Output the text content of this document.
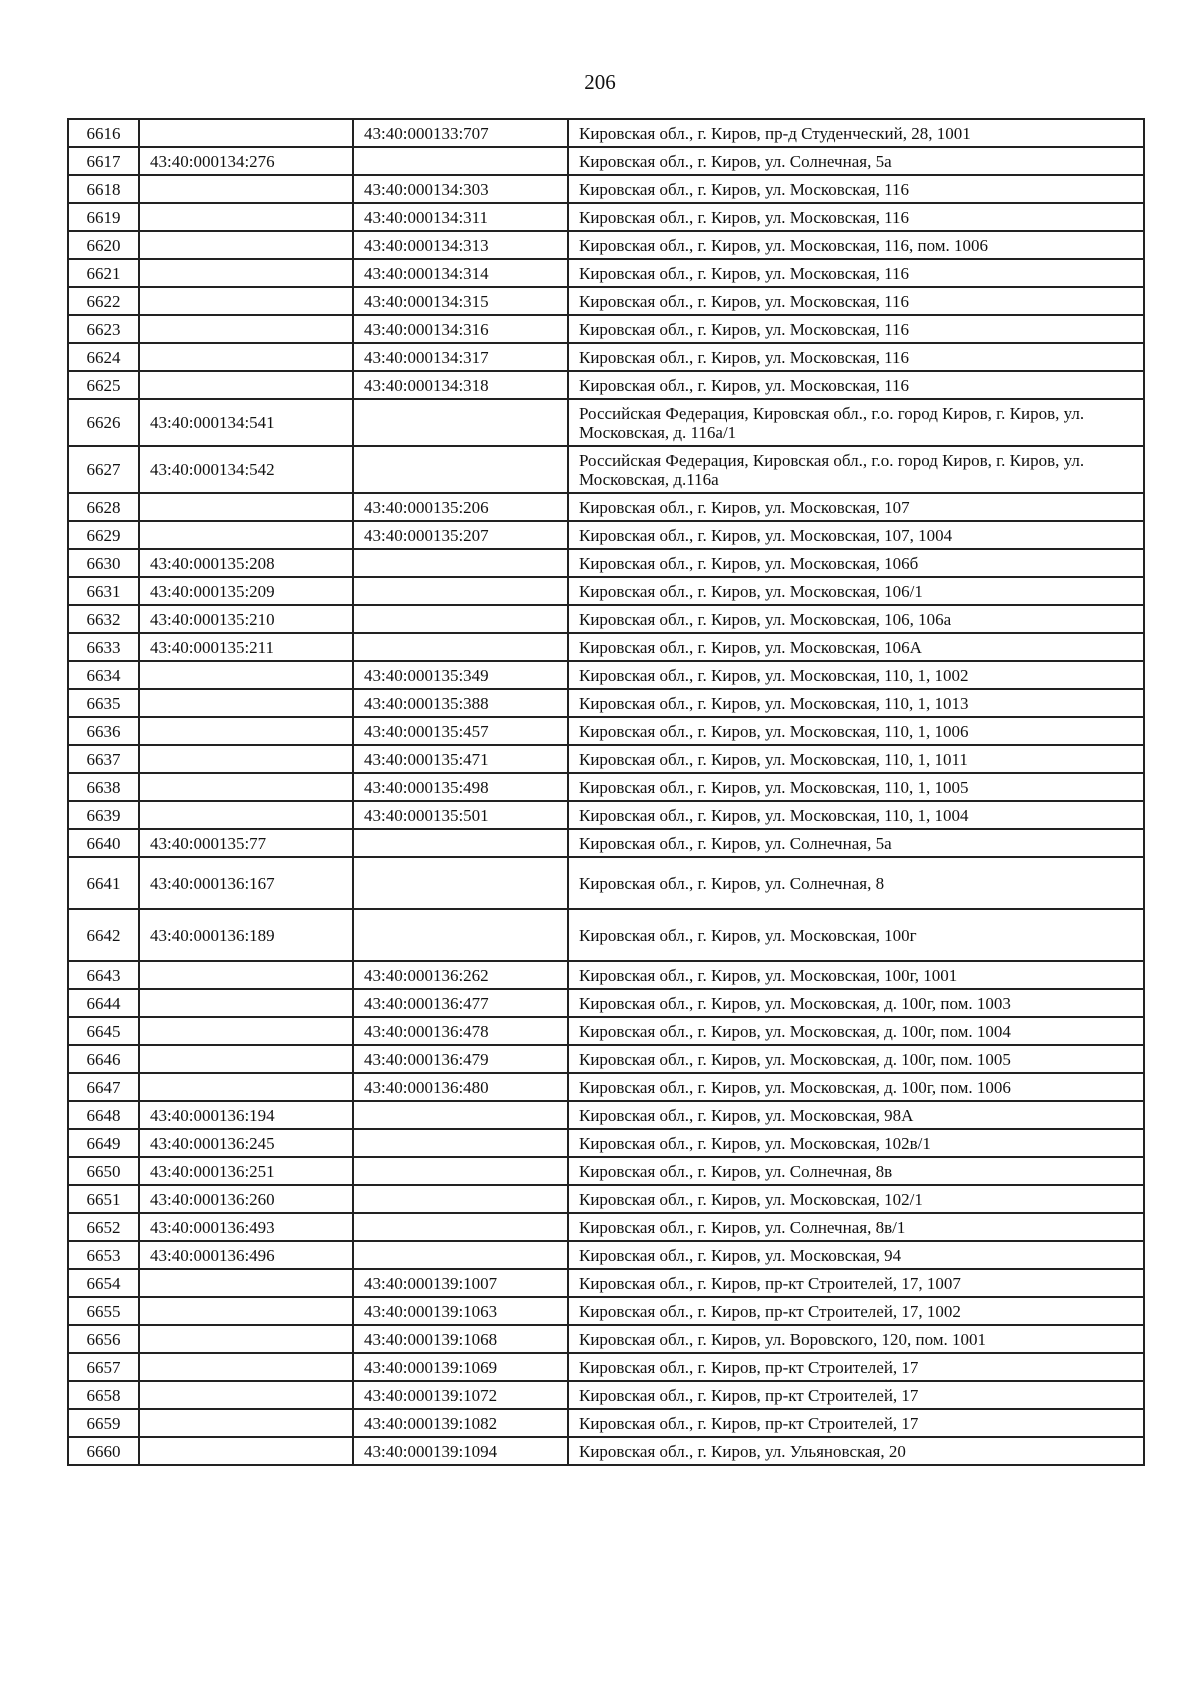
206
6616		43:40:000133:707	Кировская обл., г. Киров, пр-д Студенческий, 28, 1001
6617	43:40:000134:276		Кировская обл., г. Киров, ул. Солнечная, 5а
6618		43:40:000134:303	Кировская обл., г. Киров, ул. Московская, 116
6619		43:40:000134:311	Кировская обл., г. Киров, ул. Московская, 116
6620		43:40:000134:313	Кировская обл., г. Киров, ул. Московская, 116, пом. 1006
6621		43:40:000134:314	Кировская обл., г. Киров, ул. Московская, 116
6622		43:40:000134:315	Кировская обл., г. Киров, ул. Московская, 116
6623		43:40:000134:316	Кировская обл., г. Киров, ул. Московская, 116
6624		43:40:000134:317	Кировская обл., г. Киров, ул. Московская, 116
6625		43:40:000134:318	Кировская обл., г. Киров, ул. Московская, 116
6626	43:40:000134:541		Российская Федерация, Кировская обл., г.о. город Киров, г. Киров, ул. Московская, д. 116а/1
6627	43:40:000134:542		Российская Федерация, Кировская обл., г.о. город Киров, г. Киров, ул. Московская, д.116а
6628		43:40:000135:206	Кировская обл., г. Киров, ул. Московская, 107
6629		43:40:000135:207	Кировская обл., г. Киров, ул. Московская, 107, 1004
6630	43:40:000135:208		Кировская обл., г. Киров, ул. Московская, 106б
6631	43:40:000135:209		Кировская обл., г. Киров, ул. Московская, 106/1
6632	43:40:000135:210		Кировская обл., г. Киров, ул. Московская, 106, 106а
6633	43:40:000135:211		Кировская обл., г. Киров, ул. Московская, 106А
6634		43:40:000135:349	Кировская обл., г. Киров, ул. Московская, 110, 1, 1002
6635		43:40:000135:388	Кировская обл., г. Киров, ул. Московская, 110, 1, 1013
6636		43:40:000135:457	Кировская обл., г. Киров, ул. Московская, 110, 1, 1006
6637		43:40:000135:471	Кировская обл., г. Киров, ул. Московская, 110, 1, 1011
6638		43:40:000135:498	Кировская обл., г. Киров, ул. Московская, 110, 1, 1005
6639		43:40:000135:501	Кировская обл., г. Киров, ул. Московская, 110, 1, 1004
6640	43:40:000135:77		Кировская обл., г. Киров, ул. Солнечная, 5а
6641	43:40:000136:167		Кировская обл., г. Киров, ул. Солнечная, 8
6642	43:40:000136:189		Кировская обл., г. Киров, ул. Московская, 100г
6643		43:40:000136:262	Кировская обл., г. Киров, ул. Московская, 100г, 1001
6644		43:40:000136:477	Кировская обл., г. Киров, ул. Московская, д. 100г, пом. 1003
6645		43:40:000136:478	Кировская обл., г. Киров, ул. Московская, д. 100г, пом. 1004
6646		43:40:000136:479	Кировская обл., г. Киров, ул. Московская, д. 100г, пом. 1005
6647		43:40:000136:480	Кировская обл., г. Киров, ул. Московская, д. 100г, пом. 1006
6648	43:40:000136:194		Кировская обл., г. Киров, ул. Московская, 98А
6649	43:40:000136:245		Кировская обл., г. Киров, ул. Московская, 102в/1
6650	43:40:000136:251		Кировская обл., г. Киров, ул. Солнечная, 8в
6651	43:40:000136:260		Кировская обл., г. Киров, ул. Московская, 102/1
6652	43:40:000136:493		Кировская обл., г. Киров, ул. Солнечная, 8в/1
6653	43:40:000136:496		Кировская обл., г. Киров, ул. Московская, 94
6654		43:40:000139:1007	Кировская обл., г. Киров, пр-кт Строителей, 17, 1007
6655		43:40:000139:1063	Кировская обл., г. Киров, пр-кт Строителей, 17, 1002
6656		43:40:000139:1068	Кировская обл., г. Киров, ул. Воровского, 120, пом. 1001
6657		43:40:000139:1069	Кировская обл., г. Киров, пр-кт Строителей, 17
6658		43:40:000139:1072	Кировская обл., г. Киров, пр-кт Строителей, 17
6659		43:40:000139:1082	Кировская обл., г. Киров, пр-кт Строителей, 17
6660		43:40:000139:1094	Кировская обл., г. Киров, ул. Ульяновская, 20
